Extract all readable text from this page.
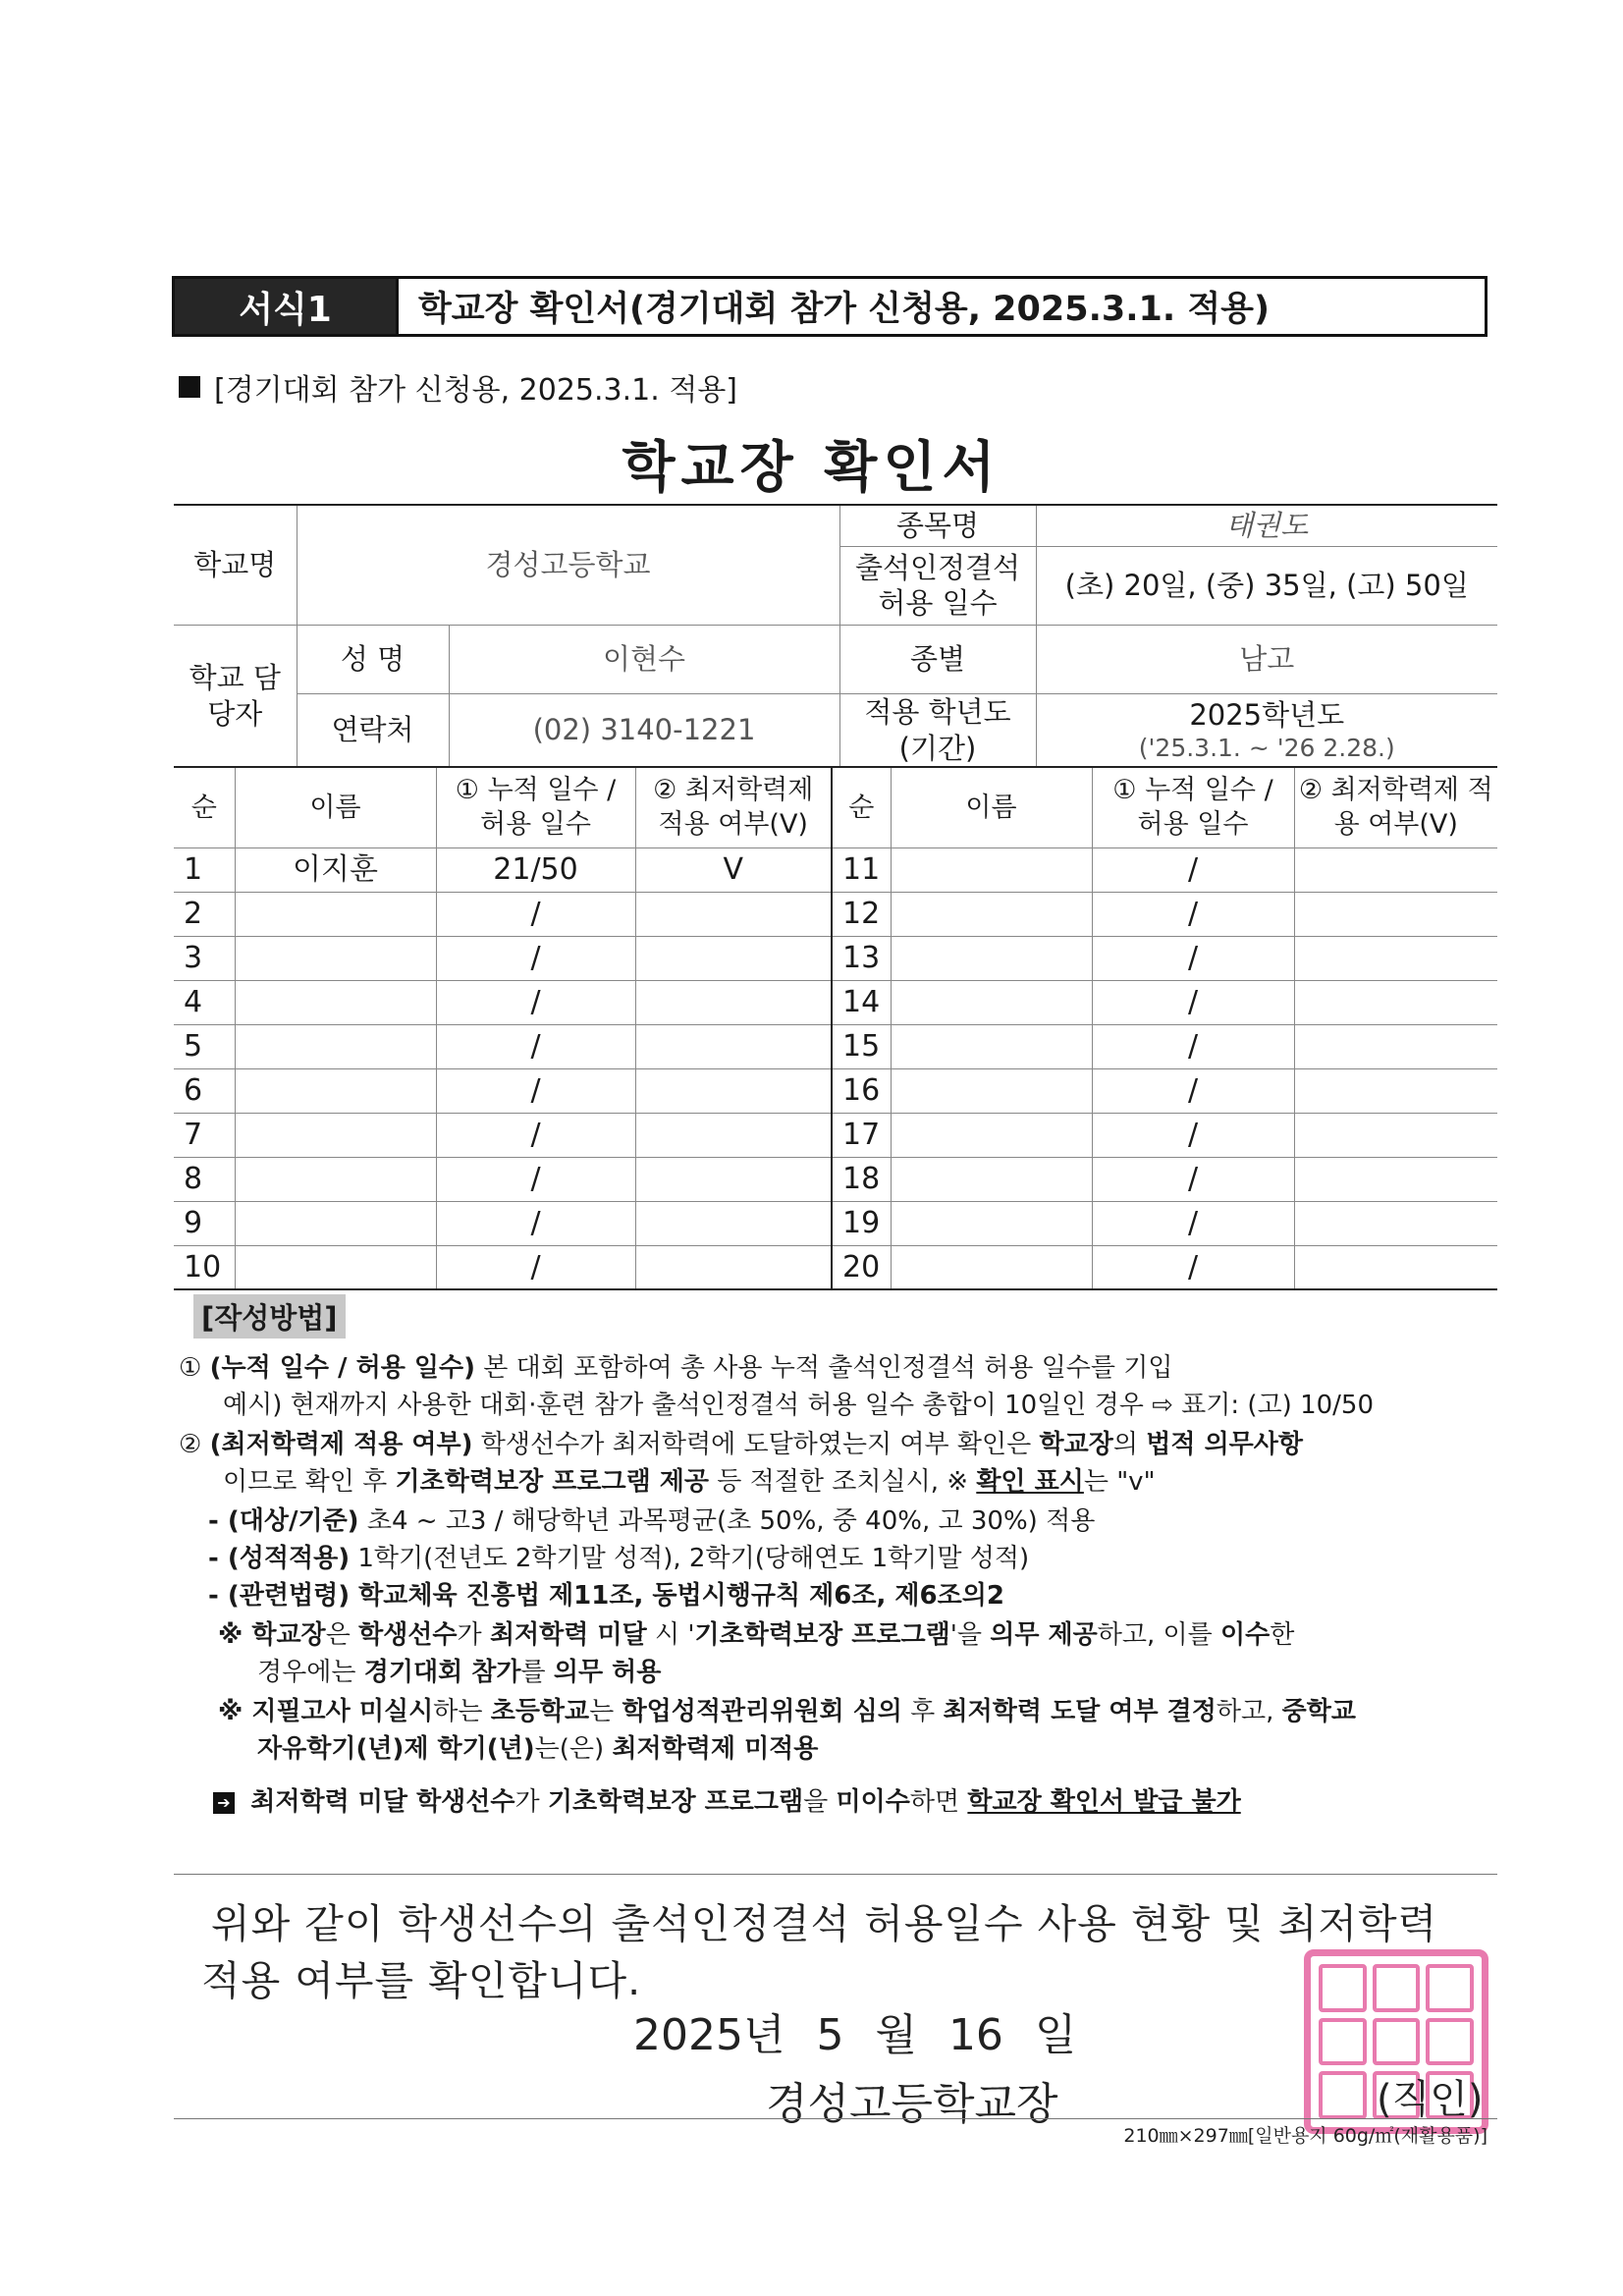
서식1	학교장 확인서(경기대회 참가 신청용, 2025.3.1. 적용)
[경기대회 참가 신청용, 2025.3.1. 적용]
학교장 확인서
학교명	경성고등학교		종목명	태권도
			출석인정결석 허용 일수	(초) 20일, (중) 35일, (고) 50일
학교 담당자	성 명	이현수	종별	남고
	연락처	(02) 3140-1221	적용 학년도 (기간)	2025학년도
('25.3.1. ~ '26 2.28.)
순	이름	① 누적 일수 / 허용 일수	② 최저학력제 적용 여부(V)	순	이름	① 누적 일수 / 허용 일수	② 최저학력제 적용 여부(V)
1	이지훈	21/50	V	11		/	
2		/		12		/	
3		/		13		/	
4		/		14		/	
5		/		15		/	
6		/		16		/	
7		/		17		/	
8		/		18		/	
9		/		19		/	
10		/		20		/	
[작성방법]
① (누적 일수 / 허용 일수) 본 대회 포함하여 총 사용 누적 출석인정결석 허용 일수를 기입
예시) 현재까지 사용한 대회·훈련 참가 출석인정결석 허용 일수 총합이 10일인 경우 ⇨ 표기: (고) 10/50
② (최저학력제 적용 여부) 학생선수가 최저학력에 도달하였는지 여부 확인은 학교장의 법적 의무사항
이므로 확인 후 기초학력보장 프로그램 제공 등 적절한 조치실시, ※ 확인 표시는 "v"
- (대상/기준) 초4 ~ 고3 / 해당학년 과목평균(초 50%, 중 40%, 고 30%) 적용
- (성적적용) 1학기(전년도 2학기말 성적), 2학기(당해연도 1학기말 성적)
- (관련법령) 학교체육 진흥법 제11조, 동법시행규칙 제6조, 제6조의2
※ 학교장은 학생선수가 최저학력 미달 시 '기초학력보장 프로그램'을 의무 제공하고, 이를 이수한
경우에는 경기대회 참가를 의무 허용
※ 지필고사 미실시하는 초등학교는 학업성적관리위원회 심의 후 최저학력 도달 여부 결정하고, 중학교
자유학기(년)제 학기(년)는(은) 최저학력제 미적용
➔ 최저학력 미달 학생선수가 기초학력보장 프로그램을 미이수하면 학교장 확인서 발급 불가
위와 같이 학생선수의 출석인정결석 허용일수 사용 현황 및 최저학력
적용 여부를 확인합니다.
2025년 5 월 16 일
경성고등학교장	(직인)
210㎜×297㎜[일반용지 60g/㎡(재활용품)]
